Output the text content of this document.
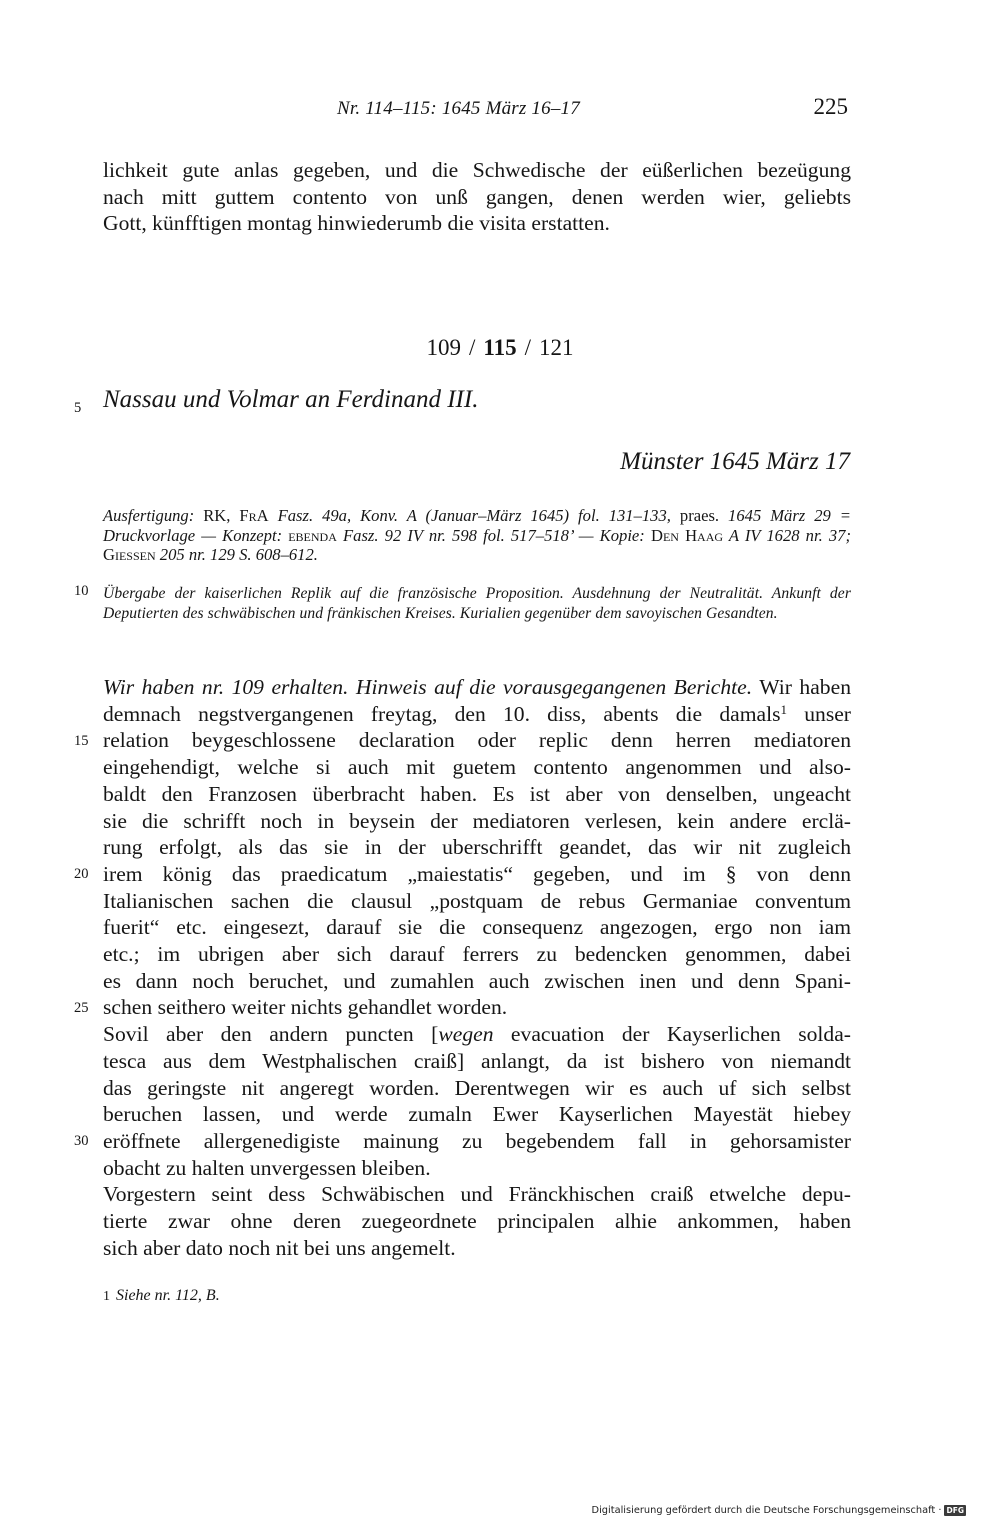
Nr. 114–115: 1645 März 16–17	225
lichkeit gute anlas gegeben, und die Schwedische der eüßerlichen bezeügung
nach mitt guttem contento von unß gangen, denen werden wier, geliebts
Gott, künfftigen montag hinwiederumb die visita erstatten.
109 / 115 / 121
5 Nassau und Volmar an Ferdinand III.
Münster 1645 März 17

Ausfertigung: RK, FrA Fasz. 49a, Konv. A (Januar–März 1645) fol. 131–133, praes. 1645 März 29 = Druckvorlage — Konzept: ebenda Fasz. 92 IV nr. 598 fol. 517–518’ — Kopie: Den Haag A IV 1628 nr. 37; Giessen 205 nr. 129 S. 608–612.

10 Übergabe der kaiserlichen Replik auf die französische Proposition. Ausdehnung der Neutralität. Ankunft der Deputierten des schwäbischen und fränkischen Kreises. Kurialien gegenüber dem savoyischen Gesandten.

15
20
25
30
Wir haben nr. 109 erhalten. Hinweis auf die vorausgegangenen Berichte. Wir haben
demnach negstvergangenen freytag, den 10. diss, abents die damals$^1$ unser
relation beygeschlossene declaration oder replic denn herren mediatoren
eingehendigt, welche si auch mit guetem contento angenommen und also-
baldt den Franzosen überbracht haben. Es ist aber von denselben, ungeacht
sie die schrifft noch in beysein der mediatoren verlesen, kein andere erclä-
rung erfolgt, als das sie in der uberschrifft geandet, das wir nit zugleich
irem könig das praedicatum „maiestatis“ gegeben, und im § von denn
Italianischen sachen die clausul „postquam de rebus Germaniae conventum
fuerit“ etc. eingesezt, darauf sie die consequenz angezogen, ergo non iam
etc.; im ubrigen aber sich darauf ferrers zu bedencken genommen, dabei
es dann noch beruchet, und zumahlen auch zwischen inen und denn Spani-
schen seithero weiter nichts gehandlet worden.
Sovil aber den andern puncten [wegen evacuation der Kayserlichen solda-
tesca aus dem Westphalischen craiß] anlangt, da ist bishero von niemandt
das geringste nit angeregt worden. Derentwegen wir es auch uf sich selbst
beruchen lassen, und werde zumaln Ewer Kayserlichen Mayestät hiebey
eröffnete allergenedigiste mainung zu begebendem fall in gehorsamister
obacht zu halten unvergessen bleiben.
Vorgestern seint dess Schwäbischen und Fränckhischen craiß etwelche depu-
tierte zwar ohne deren zuegeordnete principalen alhie ankommen, haben
sich aber dato noch nit bei uns angemelt.
1 Siehe nr. 112, B.
Digitalisierung gefördert durch die Deutsche Forschungsgemeinschaft · DFG
